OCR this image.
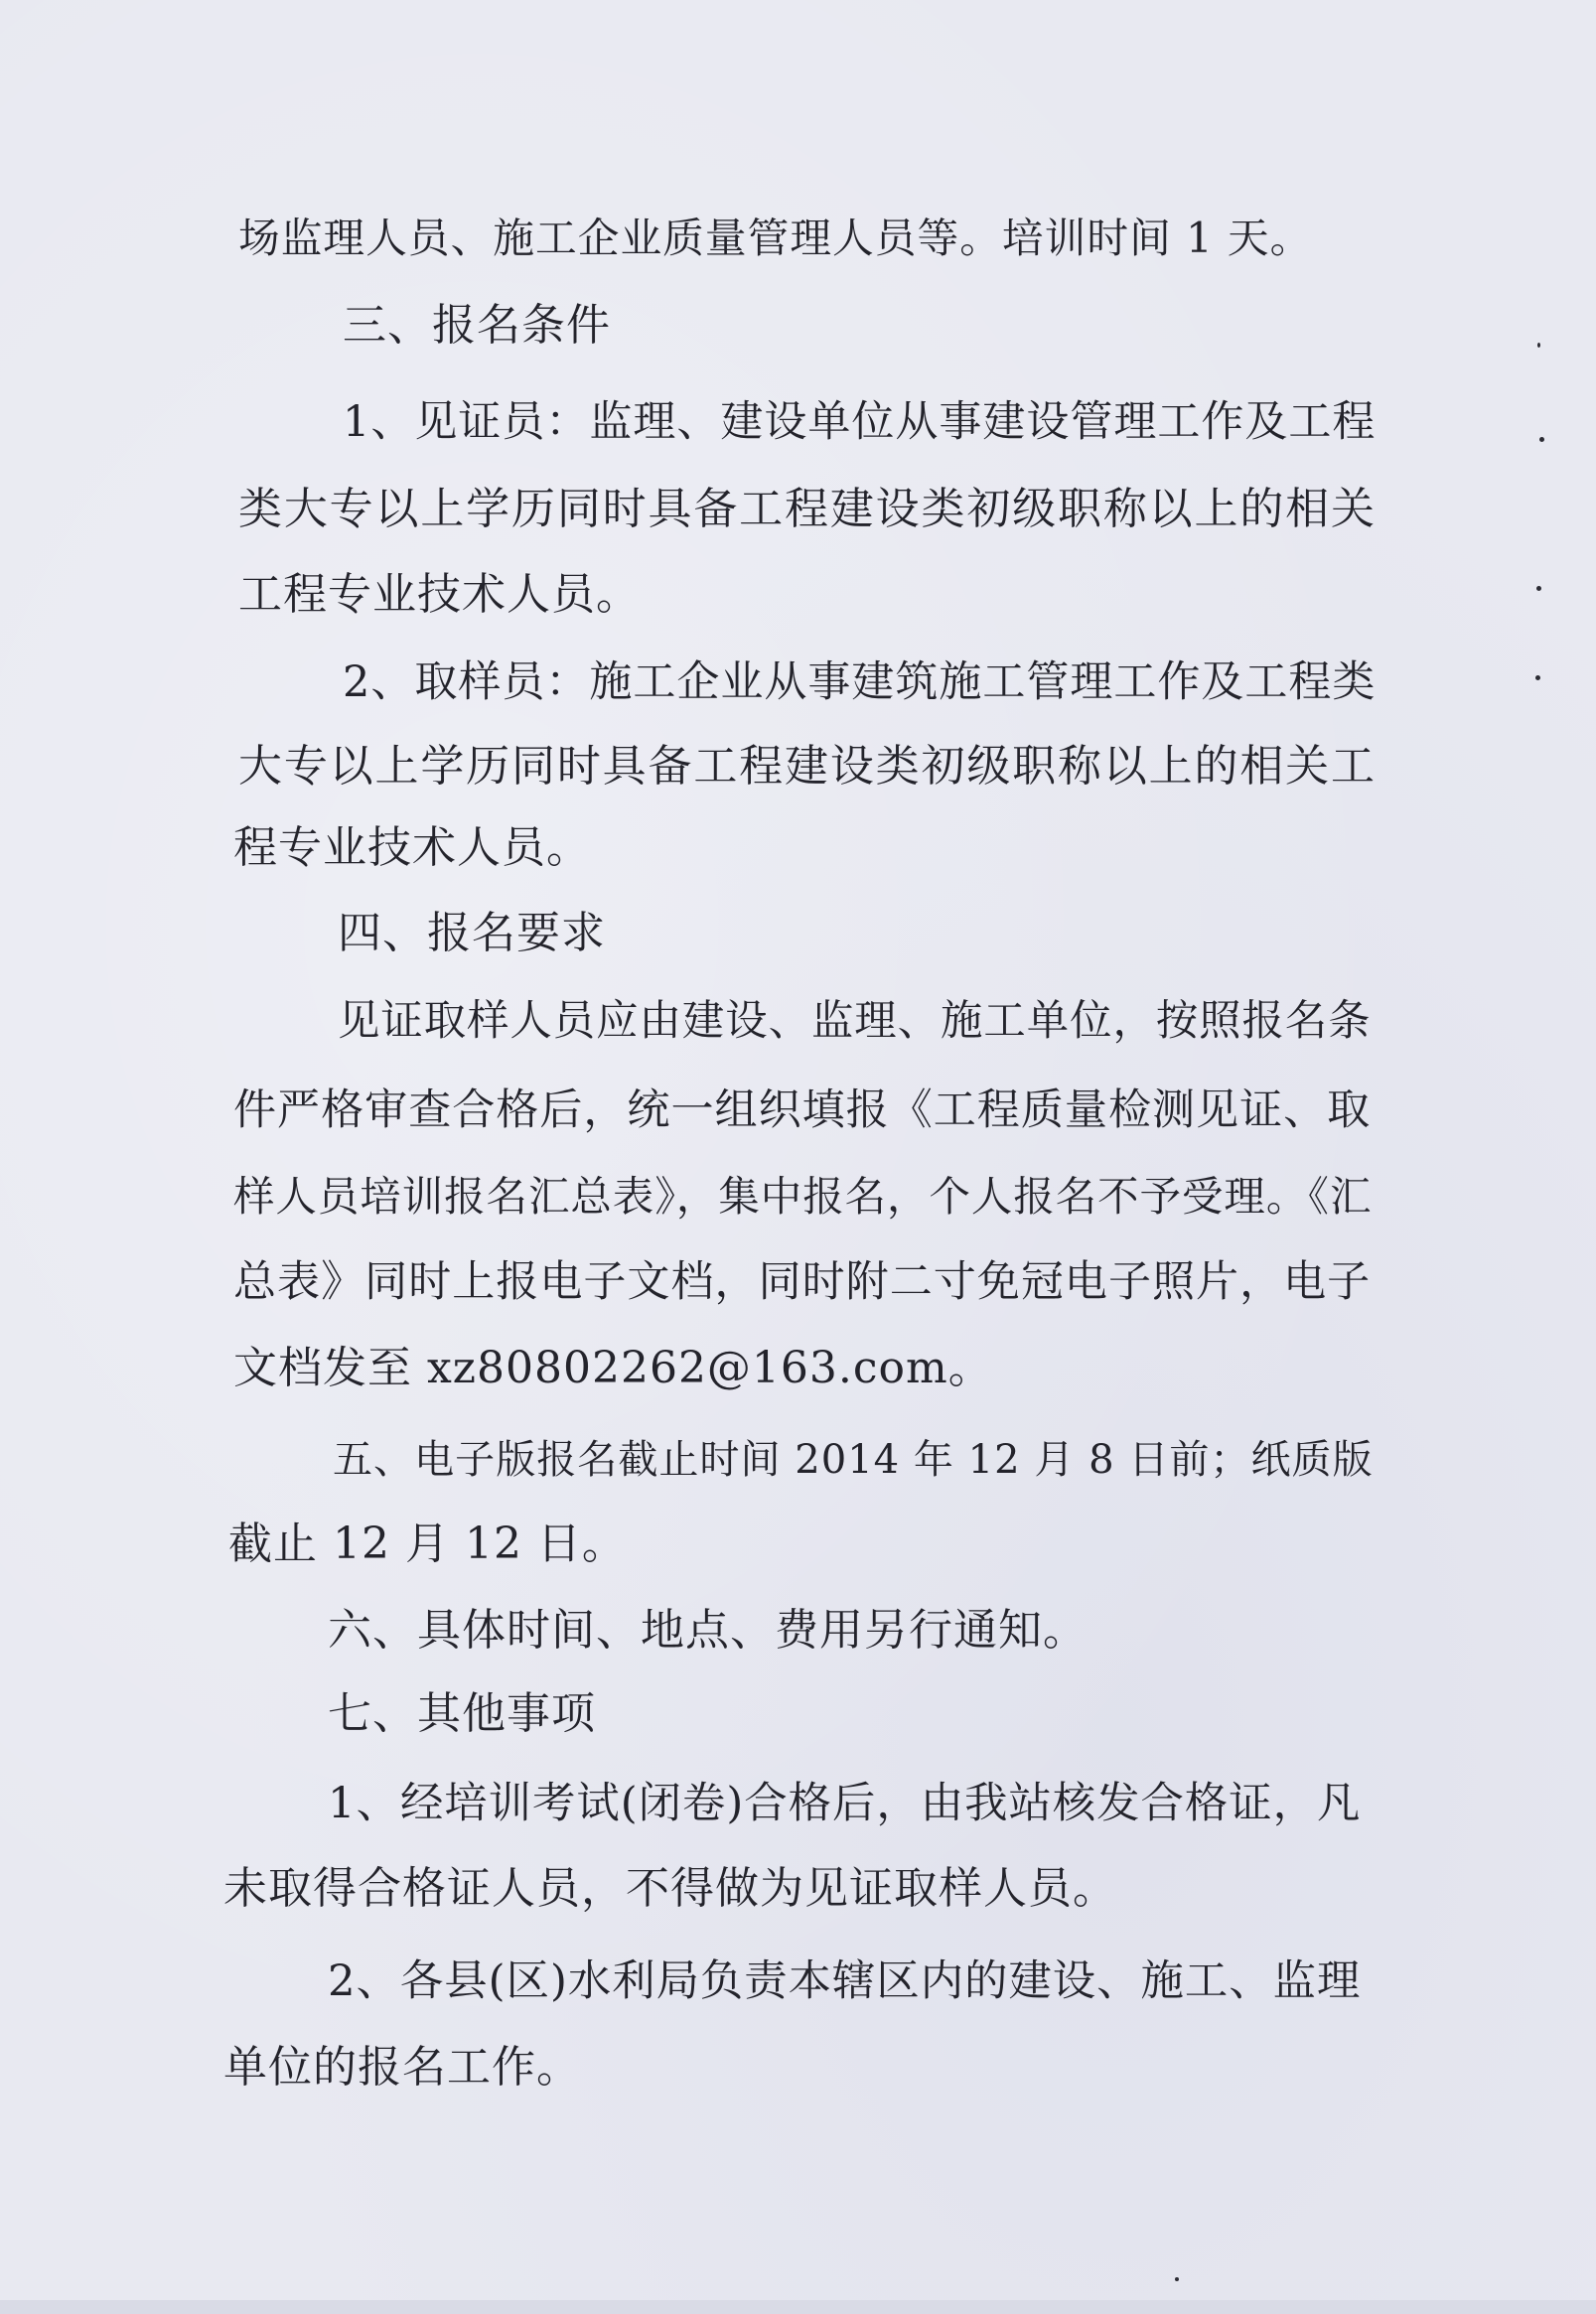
场监理人员、施工企业质量管理人员等。培训时间 1 天。

三、报名条件

1、见证员：监理、建设单位从事建设管理工作及工程

类大专以上学历同时具备工程建设类初级职称以上的相关

工程专业技术人员。

2、取样员：施工企业从事建筑施工管理工作及工程类

大专以上学历同时具备工程建设类初级职称以上的相关工

程专业技术人员。

四、报名要求

见证取样人员应由建设、监理、施工单位，按照报名条

件严格审查合格后，统一组织填报《工程质量检测见证、取

样人员培训报名汇总表》，集中报名，个人报名不予受理。《汇

总表》同时上报电子文档，同时附二寸免冠电子照片，电子

文档发至 xz80802262@163.com。

五、电子版报名截止时间 2014 年 12 月 8 日前；纸质版

截止 12 月 12 日。

六、具体时间、地点、费用另行通知。

七、其他事项

1、经培训考试(闭卷)合格后，由我站核发合格证，凡

未取得合格证人员，不得做为见证取样人员。

2、各县(区)水利局负责本辖区内的建设、施工、监理

单位的报名工作。
